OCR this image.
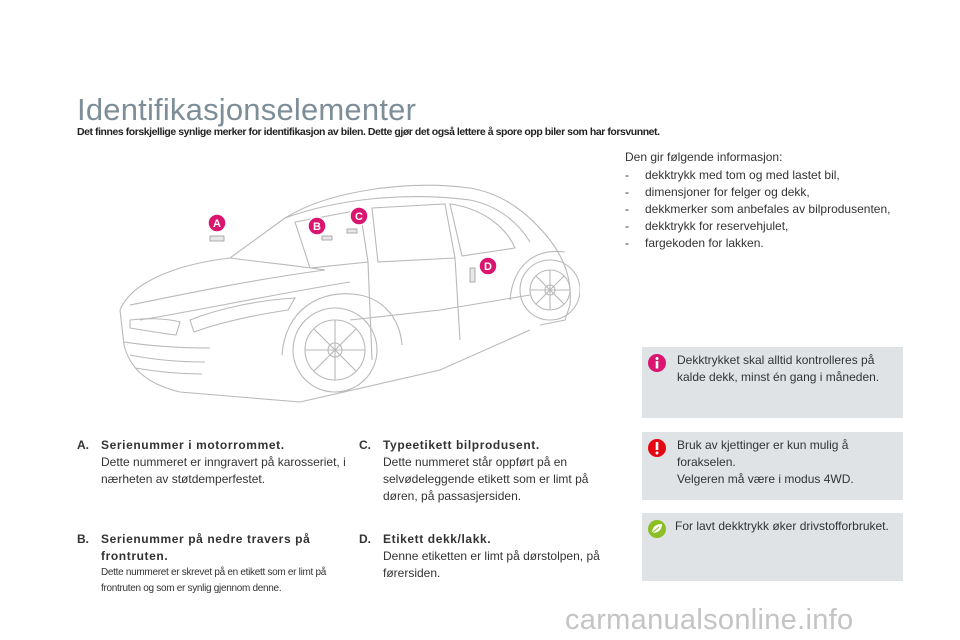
Identifikasjonselementer
Det finnes forskjellige synlige merker for identifikasjon av bilen. Dette gjør det også lettere å spore opp biler som har forsvunnet.
A	B
C
D
Den gir følgende informasjon:
- dekktrykk med tom og med lastet bil,
- dimensjoner for felger og dekk,
- dekkmerker som anbefales av bilprodusenten,
- dekktrykk for reservehjulet,
- fargekoden for lakken.
Dekktrykket skal alltid kontrolleres på kalde dekk, minst én gang i måneden.
Bruk av kjettinger er kun mulig å forakselen.
Velgeren må være i modus 4WD.
For lavt dekktrykk øker drivstofforbruket.
A. Serienummer i motorrommet.
Dette nummeret er inngravert på karosseriet, i nærheten av støtdemperfestet.
B. Serienummer på nedre travers på frontruten.
Dette nummeret er skrevet på en etikett som er limt på frontruten og som er synlig gjennom denne.
C. Typeetikett bilprodusent.
Dette nummeret står oppført på en selvødeleggende etikett som er limt på døren, på passasjersiden.
D. Etikett dekk/lakk.
Denne etiketten er limt på dørstolpen, på førersiden.
carmanualsonline.info
